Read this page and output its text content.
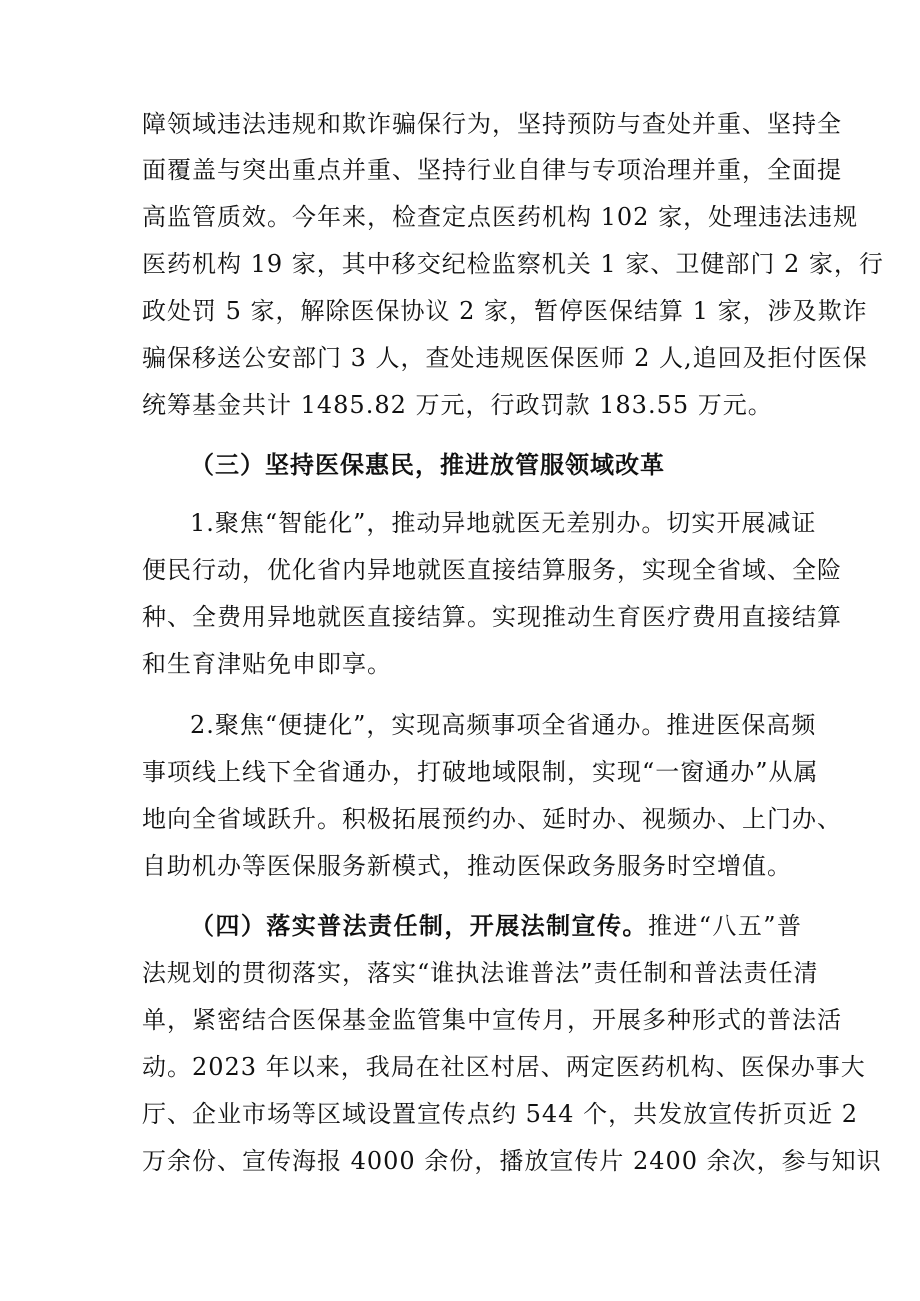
障领域违法违规和欺诈骗保行为，坚持预防与查处并重、坚持全
面覆盖与突出重点并重、坚持行业自律与专项治理并重，全面提
高监管质效。今年来，检查定点医药机构 102 家，处理违法违规
医药机构 19 家，其中移交纪检监察机关 1 家、卫健部门 2 家，行
政处罚 5 家，解除医保协议 2 家，暂停医保结算 1 家，涉及欺诈
骗保移送公安部门 3 人，查处违规医保医师 2 人,追回及拒付医保
统筹基金共计 1485.82 万元，行政罚款 183.55 万元。
（三）坚持医保惠民，推进放管服领域改革
1.聚焦“智能化”，推动异地就医无差别办。切实开展减证
便民行动，优化省内异地就医直接结算服务，实现全省域、全险
种、全费用异地就医直接结算。实现推动生育医疗费用直接结算
和生育津贴免申即享。
2.聚焦“便捷化”，实现高频事项全省通办。推进医保高频
事项线上线下全省通办，打破地域限制，实现“一窗通办”从属
地向全省域跃升。积极拓展预约办、延时办、视频办、上门办、
自助机办等医保服务新模式，推动医保政务服务时空增值。
（四）落实普法责任制，开展法制宣传。推进“八五”普
法规划的贯彻落实，落实“谁执法谁普法”责任制和普法责任清
单，紧密结合医保基金监管集中宣传月，开展多种形式的普法活
动。2023 年以来，我局在社区村居、两定医药机构、医保办事大
厅、企业市场等区域设置宣传点约 544 个，共发放宣传折页近 2
万余份、宣传海报 4000 余份，播放宣传片 2400 余次，参与知识
